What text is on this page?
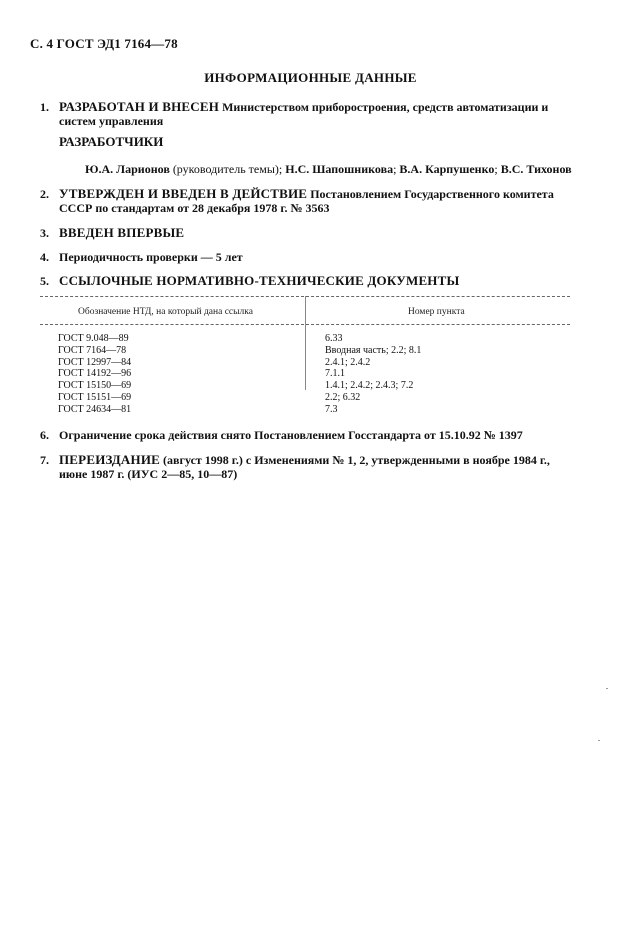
С. 4 ГОСТ ЭД1 7164—78
ИНФОРМАЦИОННЫЕ ДАННЫЕ
1. РАЗРАБОТАН И ВНЕСЕН Министерством приборостроения, средств автоматизации и систем управления
РАЗРАБОТЧИКИ
Ю.А. Ларионов (руководитель темы); Н.С. Шапошникова; В.А. Карпушенко; В.С. Тихонов
2. УТВЕРЖДЕН И ВВЕДЕН В ДЕЙСТВИЕ Постановлением Государственного комитета СССР по стандартам от 28 декабря 1978 г. № 3563
3. ВВЕДЕН ВПЕРВЫЕ
4. Периодичность проверки — 5 лет
5. ССЫЛОЧНЫЕ НОРМАТИВНО-ТЕХНИЧЕСКИЕ ДОКУМЕНТЫ
Обозначение НТД, на который дана ссылка	Номер пункта
ГОСТ 9.048—89
ГОСТ 7164—78
ГОСТ 12997—84
ГОСТ 14192—96
ГОСТ 15150—69
ГОСТ 15151—69
ГОСТ 24634—81
6.33
Вводная часть; 2.2; 8.1
2.4.1; 2.4.2
7.1.1
1.4.1; 2.4.2; 2.4.3; 7.2
2.2; 6.32
7.3
6. Ограничение срока действия снято Постановлением Госстандарта от 15.10.92 № 1397
7. ПЕРЕИЗДАНИЕ (август 1998 г.) с Изменениями № 1, 2, утвержденными в ноябре 1984 г., июне 1987 г. (ИУС 2—85, 10—87)
